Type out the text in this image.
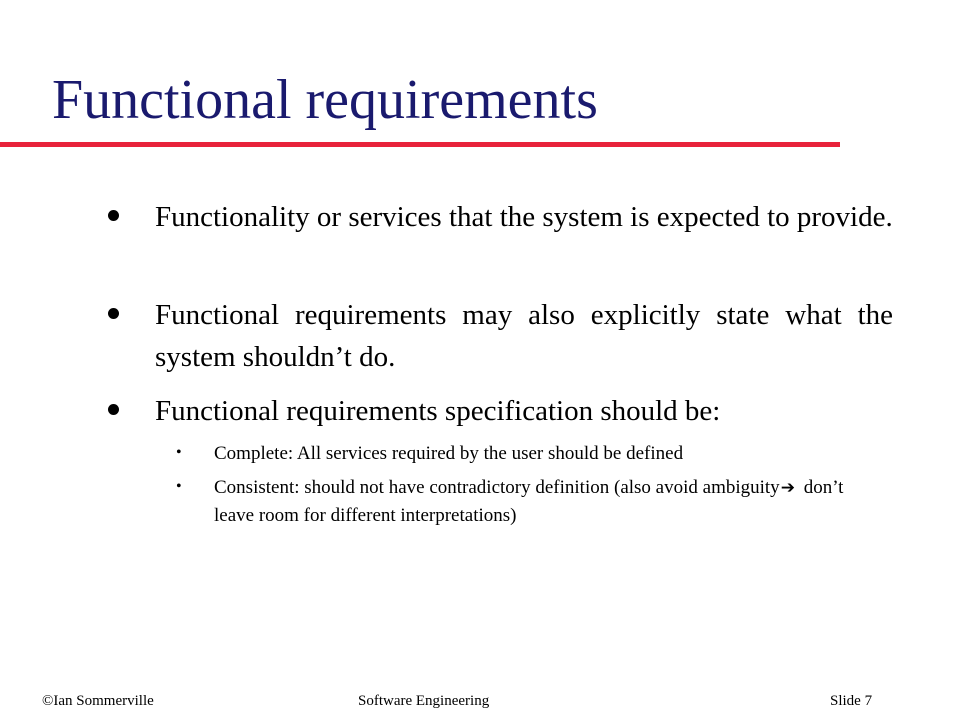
Functional requirements
Functionality or services that the system is expected to provide.
Functional requirements may also explicitly state what the system shouldn’t do.
Functional requirements specification should be:
• Complete: All services required by the user should be defined
• Consistent: should not have contradictory definition (also avoid ambiguity➔ don’t leave room for different interpretations)
©Ian Sommerville	Software Engineering	Slide 7
